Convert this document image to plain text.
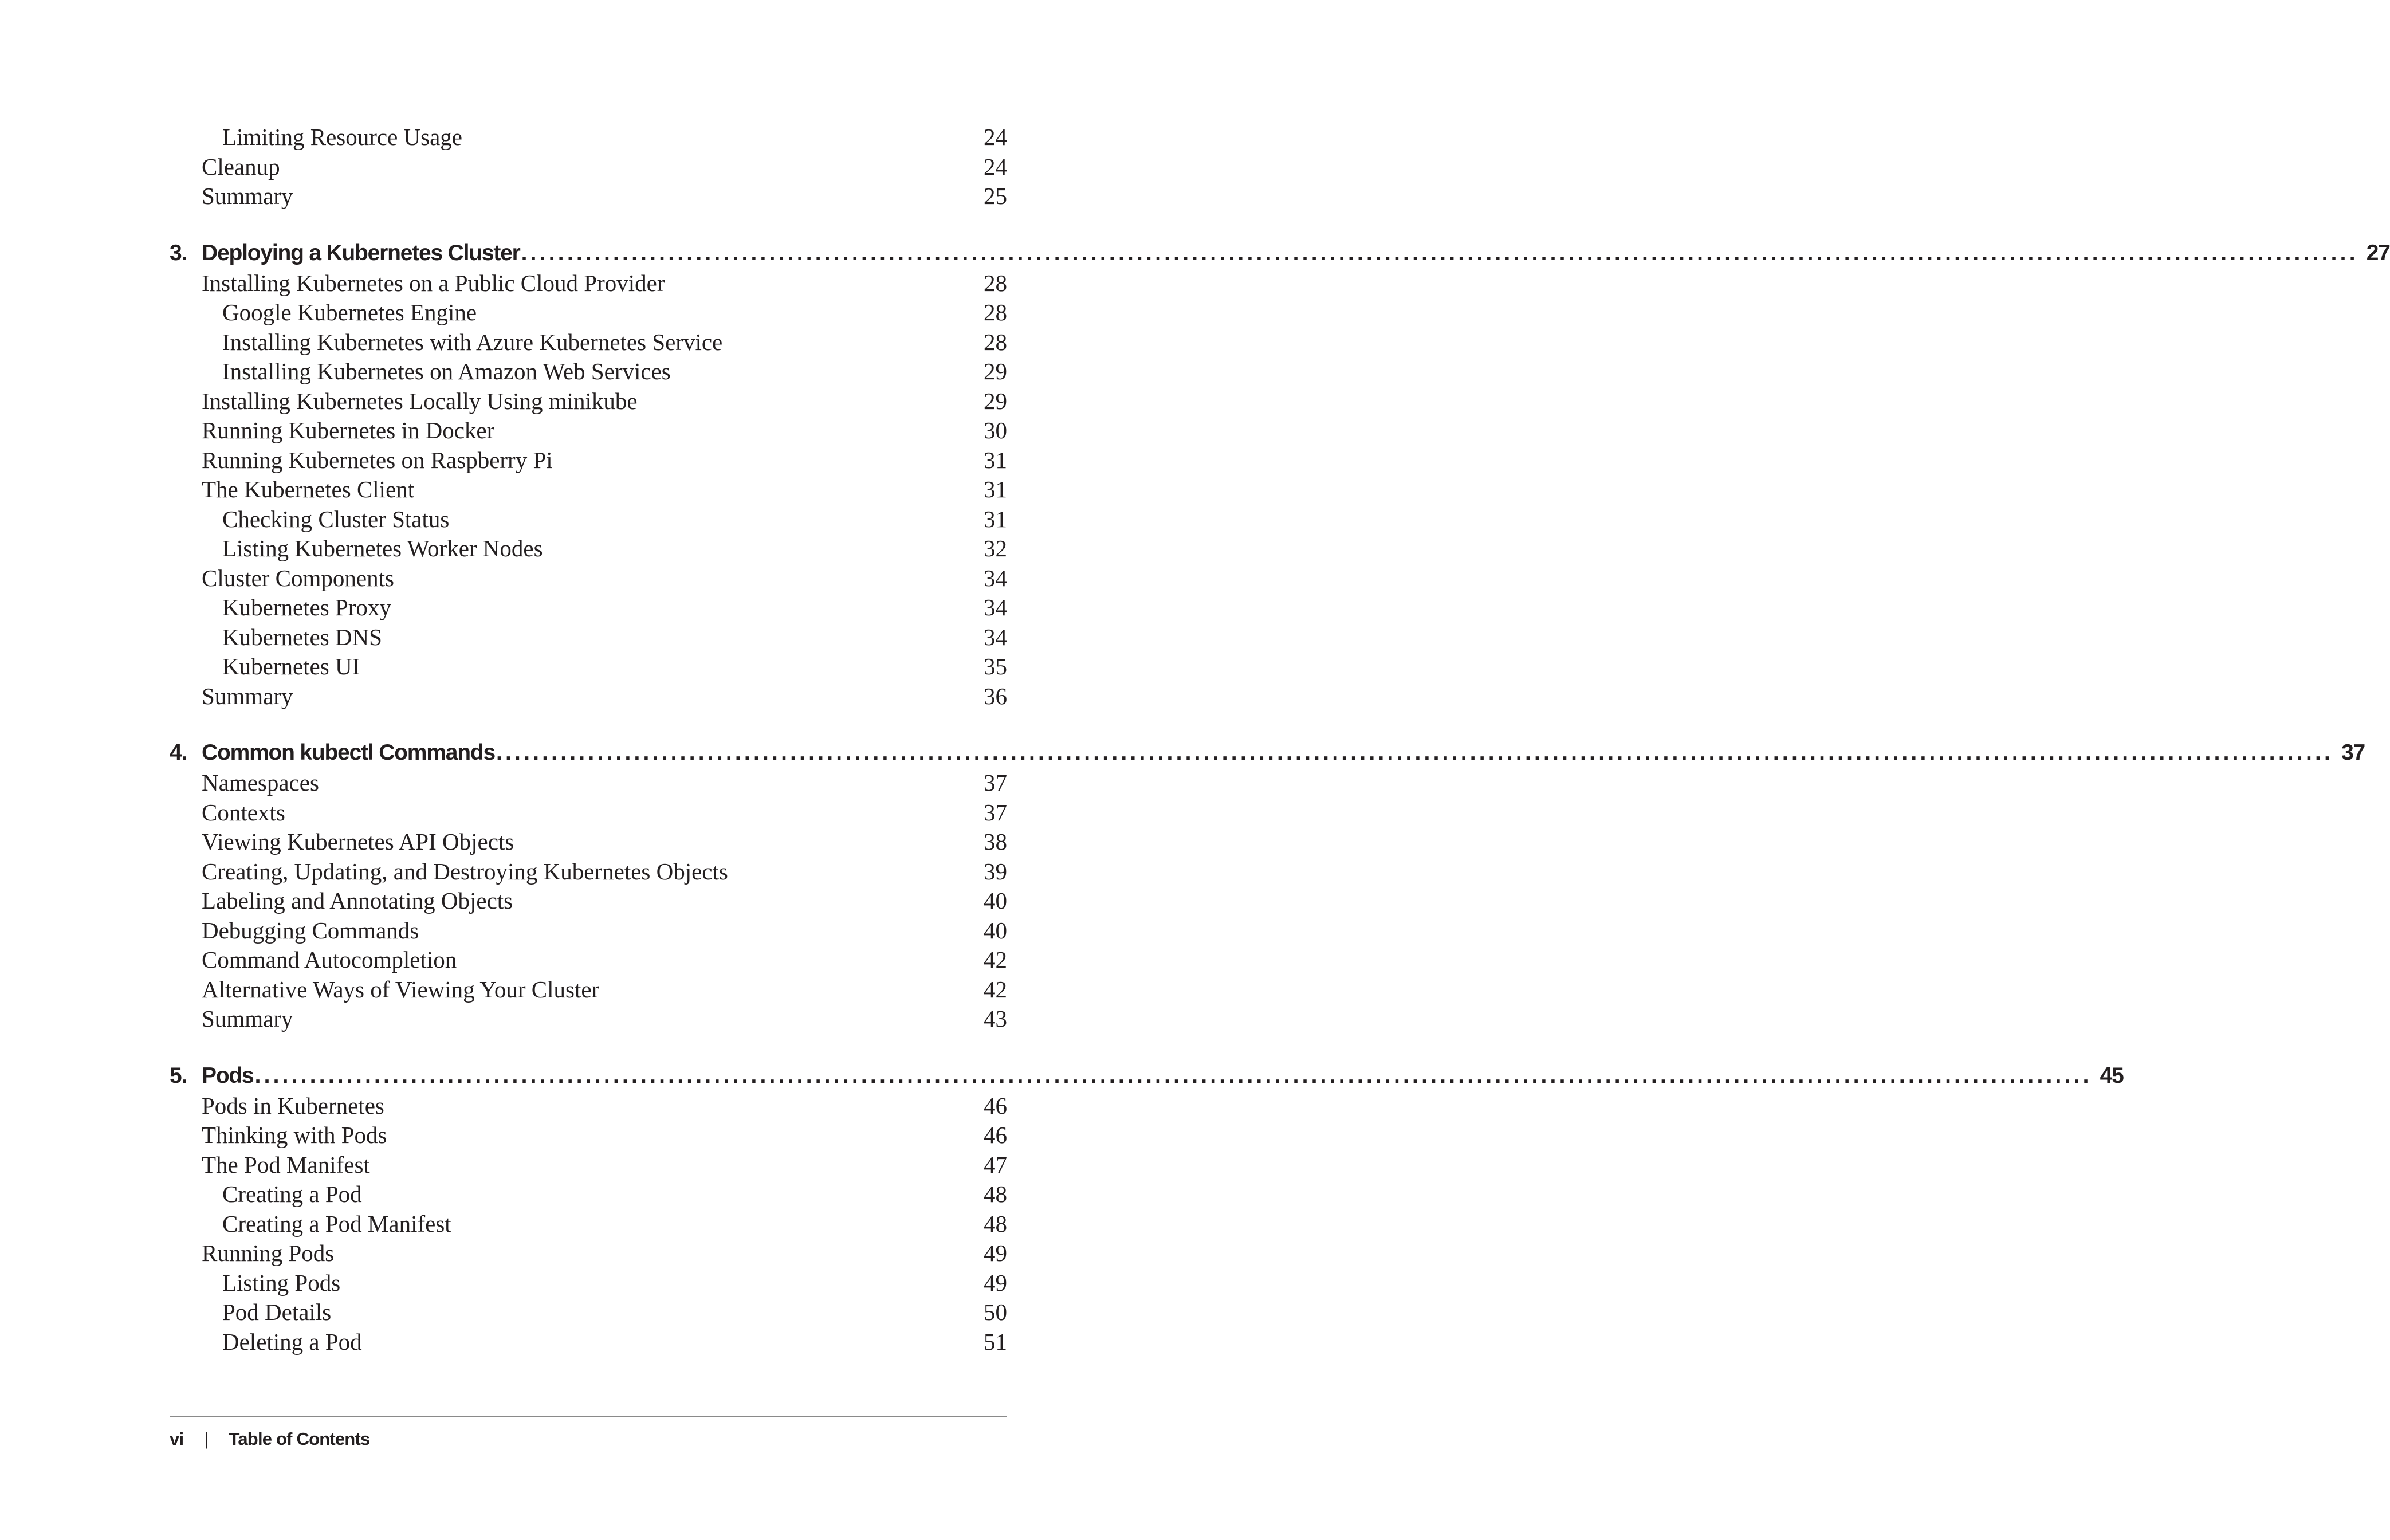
Limiting Resource Usage	24
Cleanup	24
Summary	25
3. Deploying a Kubernetes Cluster ........................................................................................................................................................................................................ 27
Installing Kubernetes on a Public Cloud Provider	28
Google Kubernetes Engine	28
Installing Kubernetes with Azure Kubernetes Service	28
Installing Kubernetes on Amazon Web Services	29
Installing Kubernetes Locally Using minikube	29
Running Kubernetes in Docker	30
Running Kubernetes on Raspberry Pi	31
The Kubernetes Client	31
Checking Cluster Status	31
Listing Kubernetes Worker Nodes	32
Cluster Components	34
Kubernetes Proxy	34
Kubernetes DNS	34
Kubernetes UI	35
Summary	36
4. Common kubectl Commands ........................................................................................................................................................................................................ 37
Namespaces	37
Contexts	37
Viewing Kubernetes API Objects	38
Creating, Updating, and Destroying Kubernetes Objects	39
Labeling and Annotating Objects	40
Debugging Commands	40
Command Autocompletion	42
Alternative Ways of Viewing Your Cluster	42
Summary	43
5. Pods ........................................................................................................................................................................................................ 45
Pods in Kubernetes	46
Thinking with Pods	46
The Pod Manifest	47
Creating a Pod	48
Creating a Pod Manifest	48
Running Pods	49
Listing Pods	49
Pod Details	50
Deleting a Pod	51
vi | Table of Contents
